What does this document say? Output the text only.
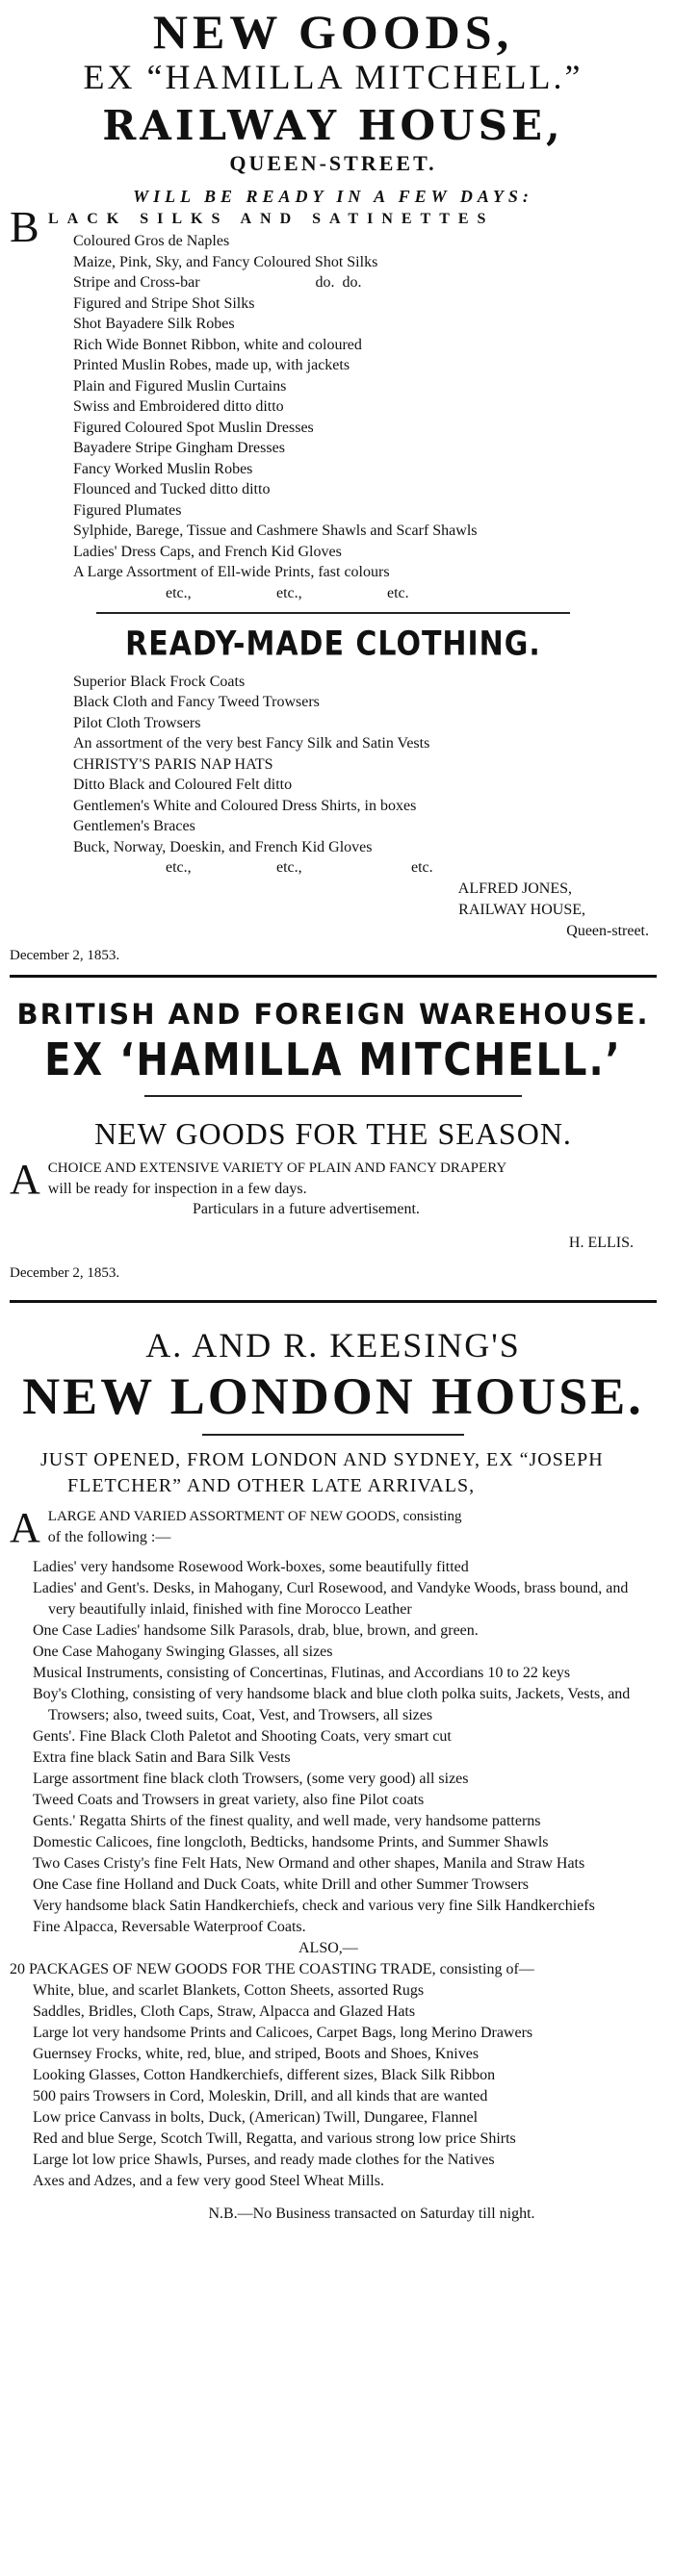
NEW GOODS,
EX “HAMILLA MITCHELL.”
RAILWAY HOUSE,
QUEEN-STREET.
WILL BE READY IN A FEW DAYS:
B LACK SILKS AND SATINETTES
Coloured Gros de Naples
Maize, Pink, Sky, and Fancy Coloured Shot Silks
Stripe and Cross-bar                              do.  do.
Figured and Stripe Shot Silks
Shot Bayadere Silk Robes
Rich Wide Bonnet Ribbon, white and coloured
Printed Muslin Robes, made up, with jackets
Plain and Figured Muslin Curtains
Swiss and Embroidered ditto ditto
Figured Coloured Spot Muslin Dresses
Bayadere Stripe Gingham Dresses
Fancy Worked Muslin Robes
Flounced and Tucked ditto ditto
Figured Plumates
Sylphide, Barege, Tissue and Cashmere Shawls and Scarf Shawls
Ladies' Dress Caps, and French Kid Gloves
A Large Assortment of Ell-wide Prints, fast colours
etc.,	etc.,	etc.
READY-MADE CLOTHING.
Superior Black Frock Coats
Black Cloth and Fancy Tweed Trowsers
Pilot Cloth Trowsers
An assortment of the very best Fancy Silk and Satin Vests
CHRISTY'S PARIS NAP HATS
Ditto Black and Coloured Felt ditto
Gentlemen's White and Coloured Dress Shirts, in boxes
Gentlemen's Braces
Buck, Norway, Doeskin, and French Kid Gloves
etc.,	etc.,	etc.
ALFRED JONES,
RAILWAY HOUSE,
Queen-street.
December 2, 1853.
BRITISH AND FOREIGN WAREHOUSE.
EX ‘HAMILLA MITCHELL.’
NEW GOODS FOR THE SEASON.
A CHOICE AND EXTENSIVE VARIETY OF PLAIN AND FANCY DRAPERY
will be ready for inspection in a few days.
Particulars in a future advertisement.
H. ELLIS.
December 2, 1853.
A. AND R. KEESING'S
NEW LONDON HOUSE.
JUST OPENED, FROM LONDON AND SYDNEY, EX “JOSEPH
FLETCHER” AND OTHER LATE ARRIVALS,
A LARGE AND VARIED ASSORTMENT OF NEW GOODS, consisting
of the following :—
Ladies' very handsome Rosewood Work-boxes, some beautifully fitted
Ladies' and Gent's. Desks, in Mahogany, Curl Rosewood, and Vandyke Woods, brass bound, and very beautifully inlaid, finished with fine Morocco Leather
One Case Ladies' handsome Silk Parasols, drab, blue, brown, and green.
One Case Mahogany Swinging Glasses, all sizes
Musical Instruments, consisting of Concertinas, Flutinas, and Accordians 10 to 22 keys
Boy's Clothing, consisting of very handsome black and blue cloth polka suits, Jackets, Vests, and Trowsers; also, tweed suits, Coat, Vest, and Trowsers, all sizes
Gents'. Fine Black Cloth Paletot and Shooting Coats, very smart cut
Extra fine black Satin and Bara Silk Vests
Large assortment fine black cloth Trowsers, (some very good) all sizes
Tweed Coats and Trowsers in great variety, also fine Pilot coats
Gents.' Regatta Shirts of the finest quality, and well made, very handsome patterns
Domestic Calicoes, fine longcloth, Bedticks, handsome Prints, and Summer Shawls
Two Cases Cristy's fine Felt Hats, New Ormand and other shapes, Manila and Straw Hats
One Case fine Holland and Duck Coats, white Drill and other Summer Trowsers
Very handsome black Satin Handkerchiefs, check and various very fine Silk Handkerchiefs
Fine Alpacca, Reversable Waterproof Coats.
ALSO,—
20 PACKAGES OF NEW GOODS FOR THE COASTING TRADE, consisting of—
White, blue, and scarlet Blankets, Cotton Sheets, assorted Rugs
Saddles, Bridles, Cloth Caps, Straw, Alpacca and Glazed Hats
Large lot very handsome Prints and Calicoes, Carpet Bags, long Merino Drawers
Guernsey Frocks, white, red, blue, and striped, Boots and Shoes, Knives
Looking Glasses, Cotton Handkerchiefs, different sizes, Black Silk Ribbon
500 pairs Trowsers in Cord, Moleskin, Drill, and all kinds that are wanted
Low price Canvass in bolts, Duck, (American) Twill, Dungaree, Flannel
Red and blue Serge, Scotch Twill, Regatta, and various strong low price Shirts
Large lot low price Shawls, Purses, and ready made clothes for the Natives
Axes and Adzes, and a few very good Steel Wheat Mills.
N.B.—No Business transacted on Saturday till night.
